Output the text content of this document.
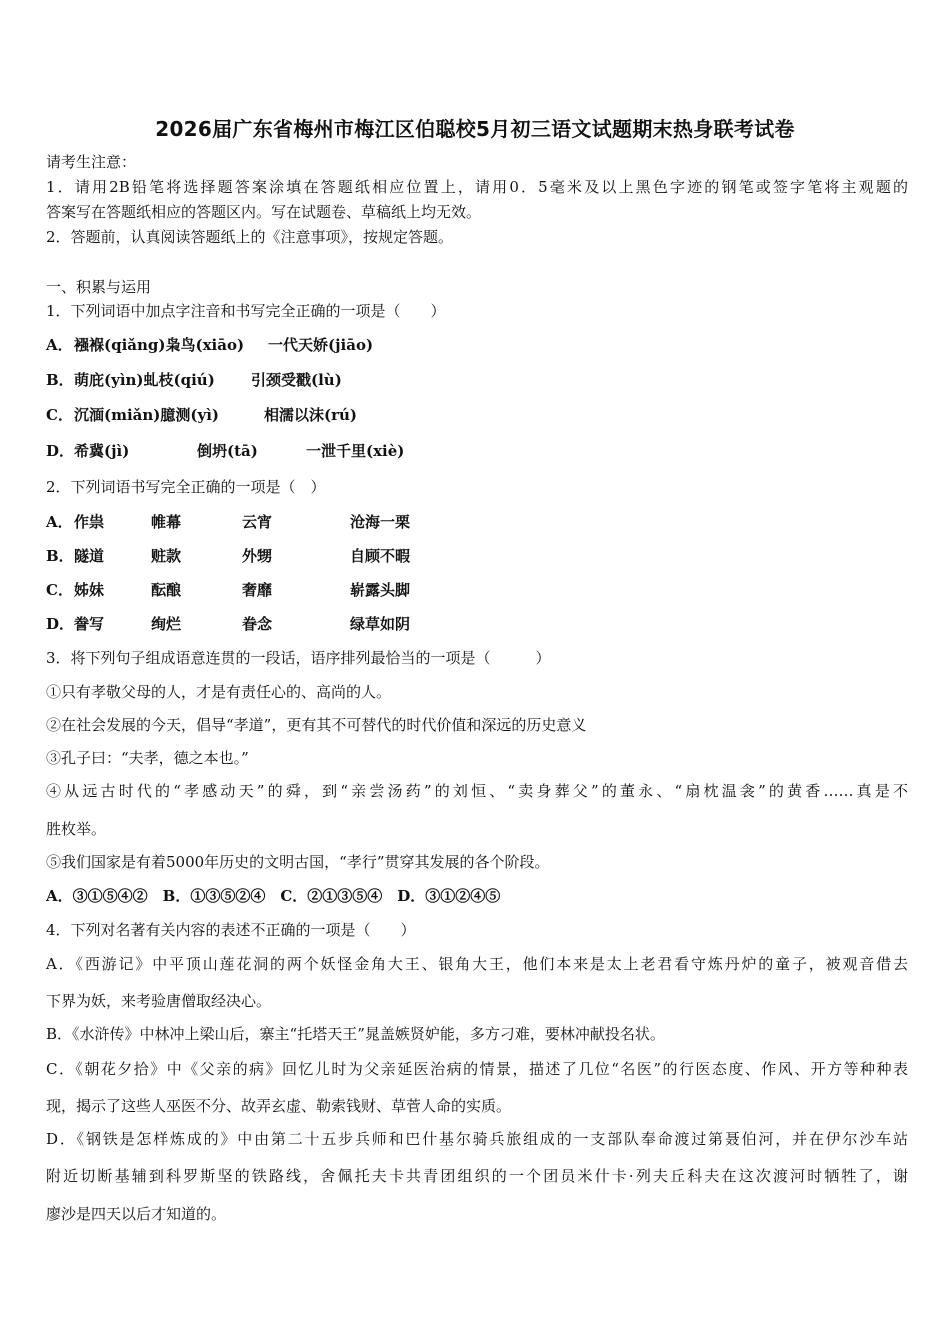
2026届广东省梅州市梅江区伯聪校5月初三语文试题期末热身联考试卷
请考生注意：
1．请用2B铅笔将选择题答案涂填在答题纸相应位置上，请用0．5毫米及以上黑色字迹的钢笔或签字笔将主观题的
答案写在答题纸相应的答题区内。写在试题卷、草稿纸上均无效。
2．答题前，认真阅读答题纸上的《注意事项》，按规定答题。
一、积累与运用
1．下列词语中加点字注音和书写完全正确的一项是（　　）
A． 襁褓(qiǎng)枭鸟(xiāo) 一代天娇(jiāo)
B． 萌庇(yìn)虬枝(qiú) 引颈受戳(lù)
C． 沉湎(miǎn)臆测(yì)	相濡以沫(rú)
D． 希冀(jì)	倒坍(tā)	一泄千里(xiè)
2．下列词语书写完全正确的一项是（　）
A． 作祟	帷幕	云宵	沧海一栗
B． 隧道	赃款	外甥	自顾不暇
C． 姊妹	酝酿	奢靡	崭露头脚
D． 誊写	绚烂	眷念	绿草如阴
3．将下列句子组成语意连贯的一段话，语序排列最恰当的一项是（　　　）
①只有孝敬父母的人，才是有责任心的、高尚的人。
②在社会发展的今天，倡导“孝道”，更有其不可替代的时代价值和深远的历史意义
③孔子曰：“夫孝，德之本也。”
④从远古时代的“孝感动天”的舜，到“亲尝汤药”的刘恒、“卖身葬父”的董永、“扇枕温衾”的黄香……真是不
胜枚举。
⑤我们国家是有着5000年历史的文明古国，“孝行”贯穿其发展的各个阶段。
A．③①⑤④②　B．①③⑤②④　C．②①③⑤④　D．③①②④⑤
4．下列对名著有关内容的表述不正确的一项是（　　）
A．《西游记》中平顶山莲花洞的两个妖怪金角大王、银角大王，他们本来是太上老君看守炼丹炉的童子，被观音借去
下界为妖，来考验唐僧取经决心。
B．《水浒传》中林冲上梁山后，寨主“托塔天王”晁盖嫉贤妒能，多方刁难，要林冲献投名状。
C．《朝花夕拾》中《父亲的病》回忆儿时为父亲延医治病的情景，描述了几位“名医”的行医态度、作风、开方等种种表
现，揭示了这些人巫医不分、故弄玄虚、勒索钱财、草菅人命的实质。
D．《钢铁是怎样炼成的》中由第二十五步兵师和巴什基尔骑兵旅组成的一支部队奉命渡过第聂伯河，并在伊尔沙车站
附近切断基辅到科罗斯坚的铁路线，舍佩托夫卡共青团组织的一个团员米什卡·列夫丘科夫在这次渡河时牺牲了，谢
廖沙是四天以后才知道的。
